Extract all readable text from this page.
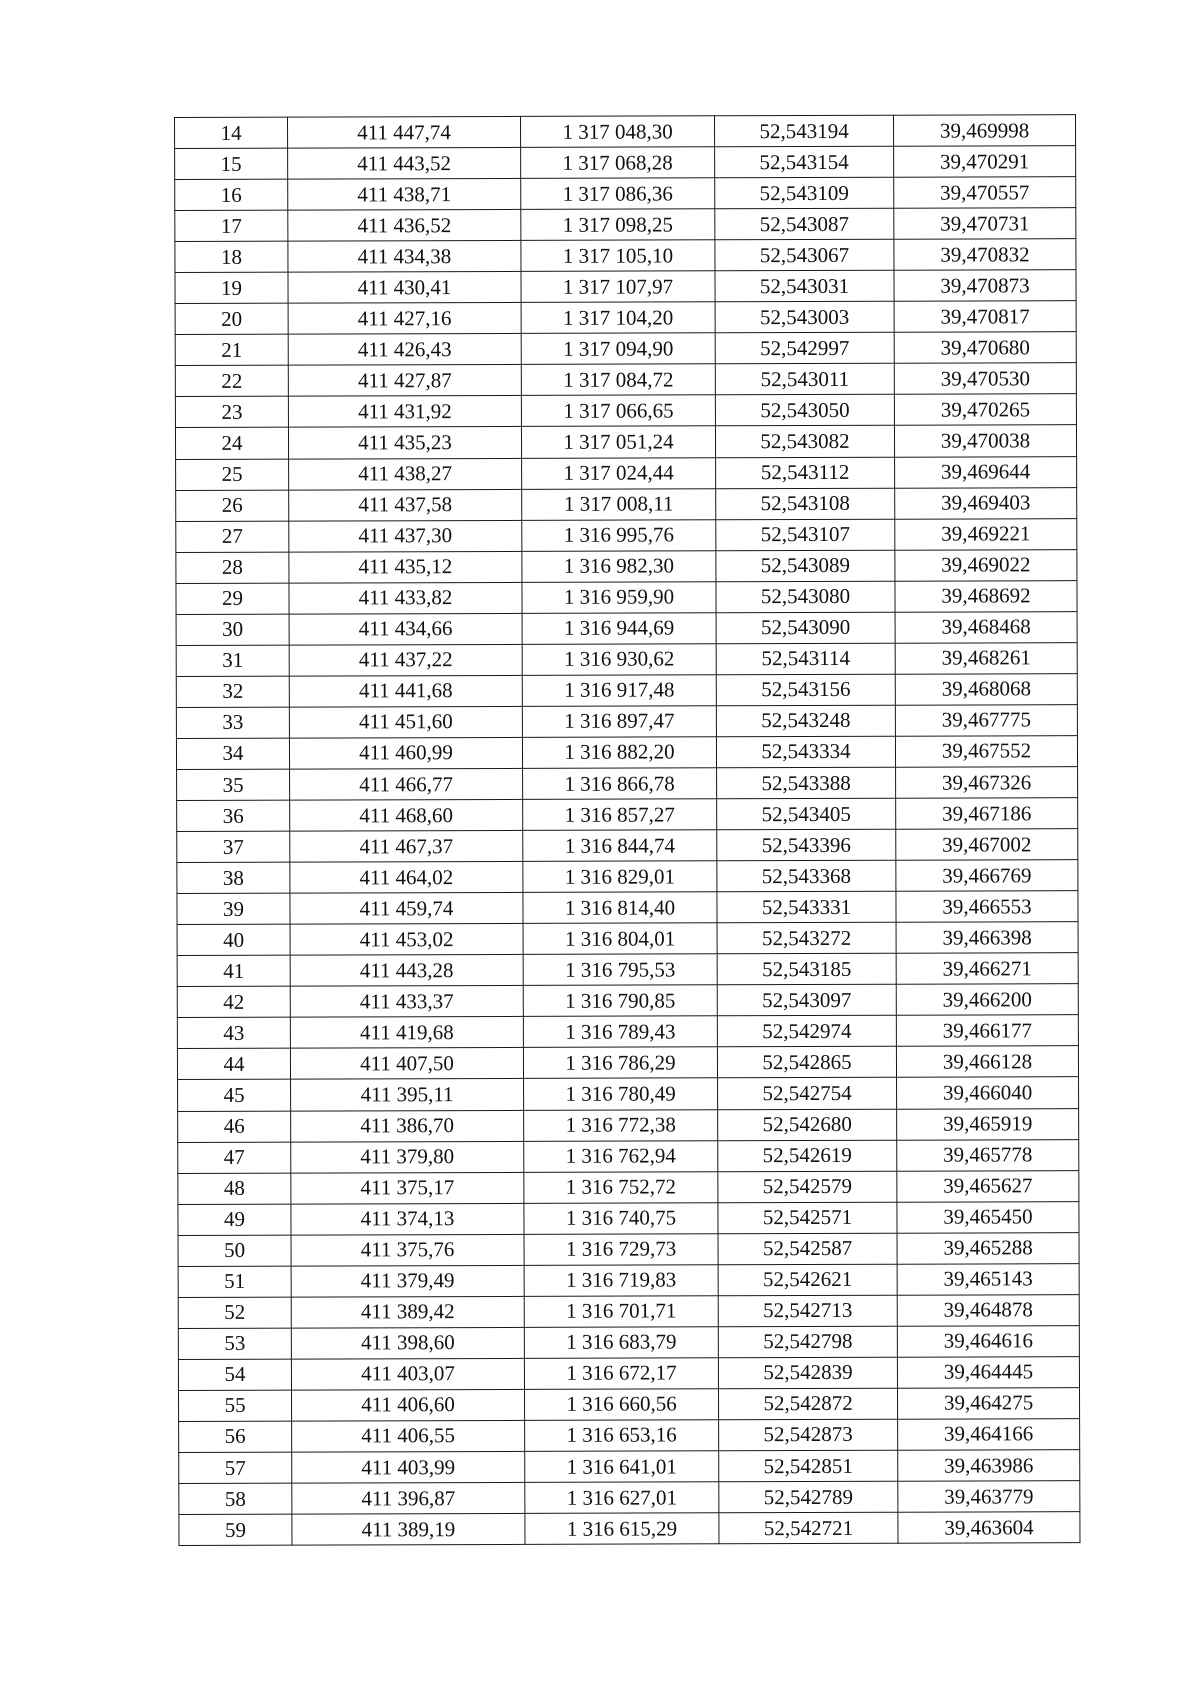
14	411 447,74	1 317 048,30	52,543194	39,469998
15	411 443,52	1 317 068,28	52,543154	39,470291
16	411 438,71	1 317 086,36	52,543109	39,470557
17	411 436,52	1 317 098,25	52,543087	39,470731
18	411 434,38	1 317 105,10	52,543067	39,470832
19	411 430,41	1 317 107,97	52,543031	39,470873
20	411 427,16	1 317 104,20	52,543003	39,470817
21	411 426,43	1 317 094,90	52,542997	39,470680
22	411 427,87	1 317 084,72	52,543011	39,470530
23	411 431,92	1 317 066,65	52,543050	39,470265
24	411 435,23	1 317 051,24	52,543082	39,470038
25	411 438,27	1 317 024,44	52,543112	39,469644
26	411 437,58	1 317 008,11	52,543108	39,469403
27	411 437,30	1 316 995,76	52,543107	39,469221
28	411 435,12	1 316 982,30	52,543089	39,469022
29	411 433,82	1 316 959,90	52,543080	39,468692
30	411 434,66	1 316 944,69	52,543090	39,468468
31	411 437,22	1 316 930,62	52,543114	39,468261
32	411 441,68	1 316 917,48	52,543156	39,468068
33	411 451,60	1 316 897,47	52,543248	39,467775
34	411 460,99	1 316 882,20	52,543334	39,467552
35	411 466,77	1 316 866,78	52,543388	39,467326
36	411 468,60	1 316 857,27	52,543405	39,467186
37	411 467,37	1 316 844,74	52,543396	39,467002
38	411 464,02	1 316 829,01	52,543368	39,466769
39	411 459,74	1 316 814,40	52,543331	39,466553
40	411 453,02	1 316 804,01	52,543272	39,466398
41	411 443,28	1 316 795,53	52,543185	39,466271
42	411 433,37	1 316 790,85	52,543097	39,466200
43	411 419,68	1 316 789,43	52,542974	39,466177
44	411 407,50	1 316 786,29	52,542865	39,466128
45	411 395,11	1 316 780,49	52,542754	39,466040
46	411 386,70	1 316 772,38	52,542680	39,465919
47	411 379,80	1 316 762,94	52,542619	39,465778
48	411 375,17	1 316 752,72	52,542579	39,465627
49	411 374,13	1 316 740,75	52,542571	39,465450
50	411 375,76	1 316 729,73	52,542587	39,465288
51	411 379,49	1 316 719,83	52,542621	39,465143
52	411 389,42	1 316 701,71	52,542713	39,464878
53	411 398,60	1 316 683,79	52,542798	39,464616
54	411 403,07	1 316 672,17	52,542839	39,464445
55	411 406,60	1 316 660,56	52,542872	39,464275
56	411 406,55	1 316 653,16	52,542873	39,464166
57	411 403,99	1 316 641,01	52,542851	39,463986
58	411 396,87	1 316 627,01	52,542789	39,463779
59	411 389,19	1 316 615,29	52,542721	39,463604
